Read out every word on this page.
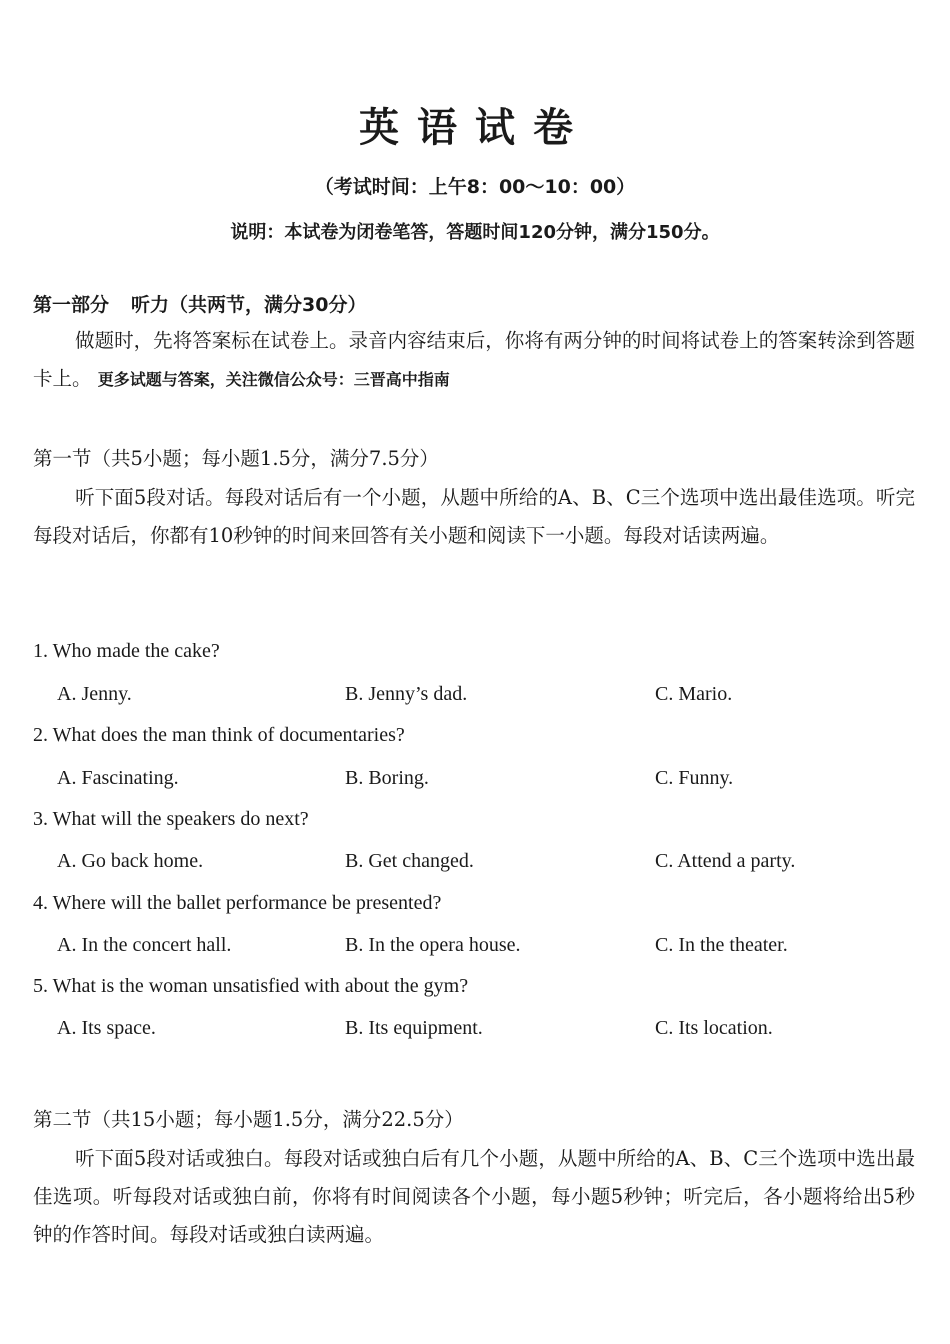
英语试卷
（考试时间：上午8：00～10：00）
说明：本试卷为闭卷笔答，答题时间120分钟，满分150分。
第一部分 听力（共两节，满分30分）
做题时，先将答案标在试卷上。录音内容结束后，你将有两分钟的时间将试卷上的答案转涂到答题卡上。 更多试题与答案，关注微信公众号：三晋高中指南
第一节（共5小题；每小题1.5分，满分7.5分）
听下面5段对话。每段对话后有一个小题，从题中所给的A、B、C三个选项中选出最佳选项。听完每段对话后，你都有10秒钟的时间来回答有关小题和阅读下一小题。每段对话读两遍。
1. Who made the cake?
A. Jenny.	B. Jenny’s dad.	C. Mario.
2. What does the man think of documentaries?
A. Fascinating.	B. Boring.	C. Funny.
3. What will the speakers do next?
A. Go back home.	B. Get changed.	C. Attend a party.
4. Where will the ballet performance be presented?
A. In the concert hall.	B. In the opera house.	C. In the theater.
5. What is the woman unsatisfied with about the gym?
A. Its space.	B. Its equipment.	C. Its location.
第二节（共15小题；每小题1.5分，满分22.5分）
听下面5段对话或独白。每段对话或独白后有几个小题，从题中所给的A、B、C三个选项中选出最佳选项。听每段对话或独白前，你将有时间阅读各个小题，每小题5秒钟；听完后，各小题将给出5秒钟的作答时间。每段对话或独白读两遍。
